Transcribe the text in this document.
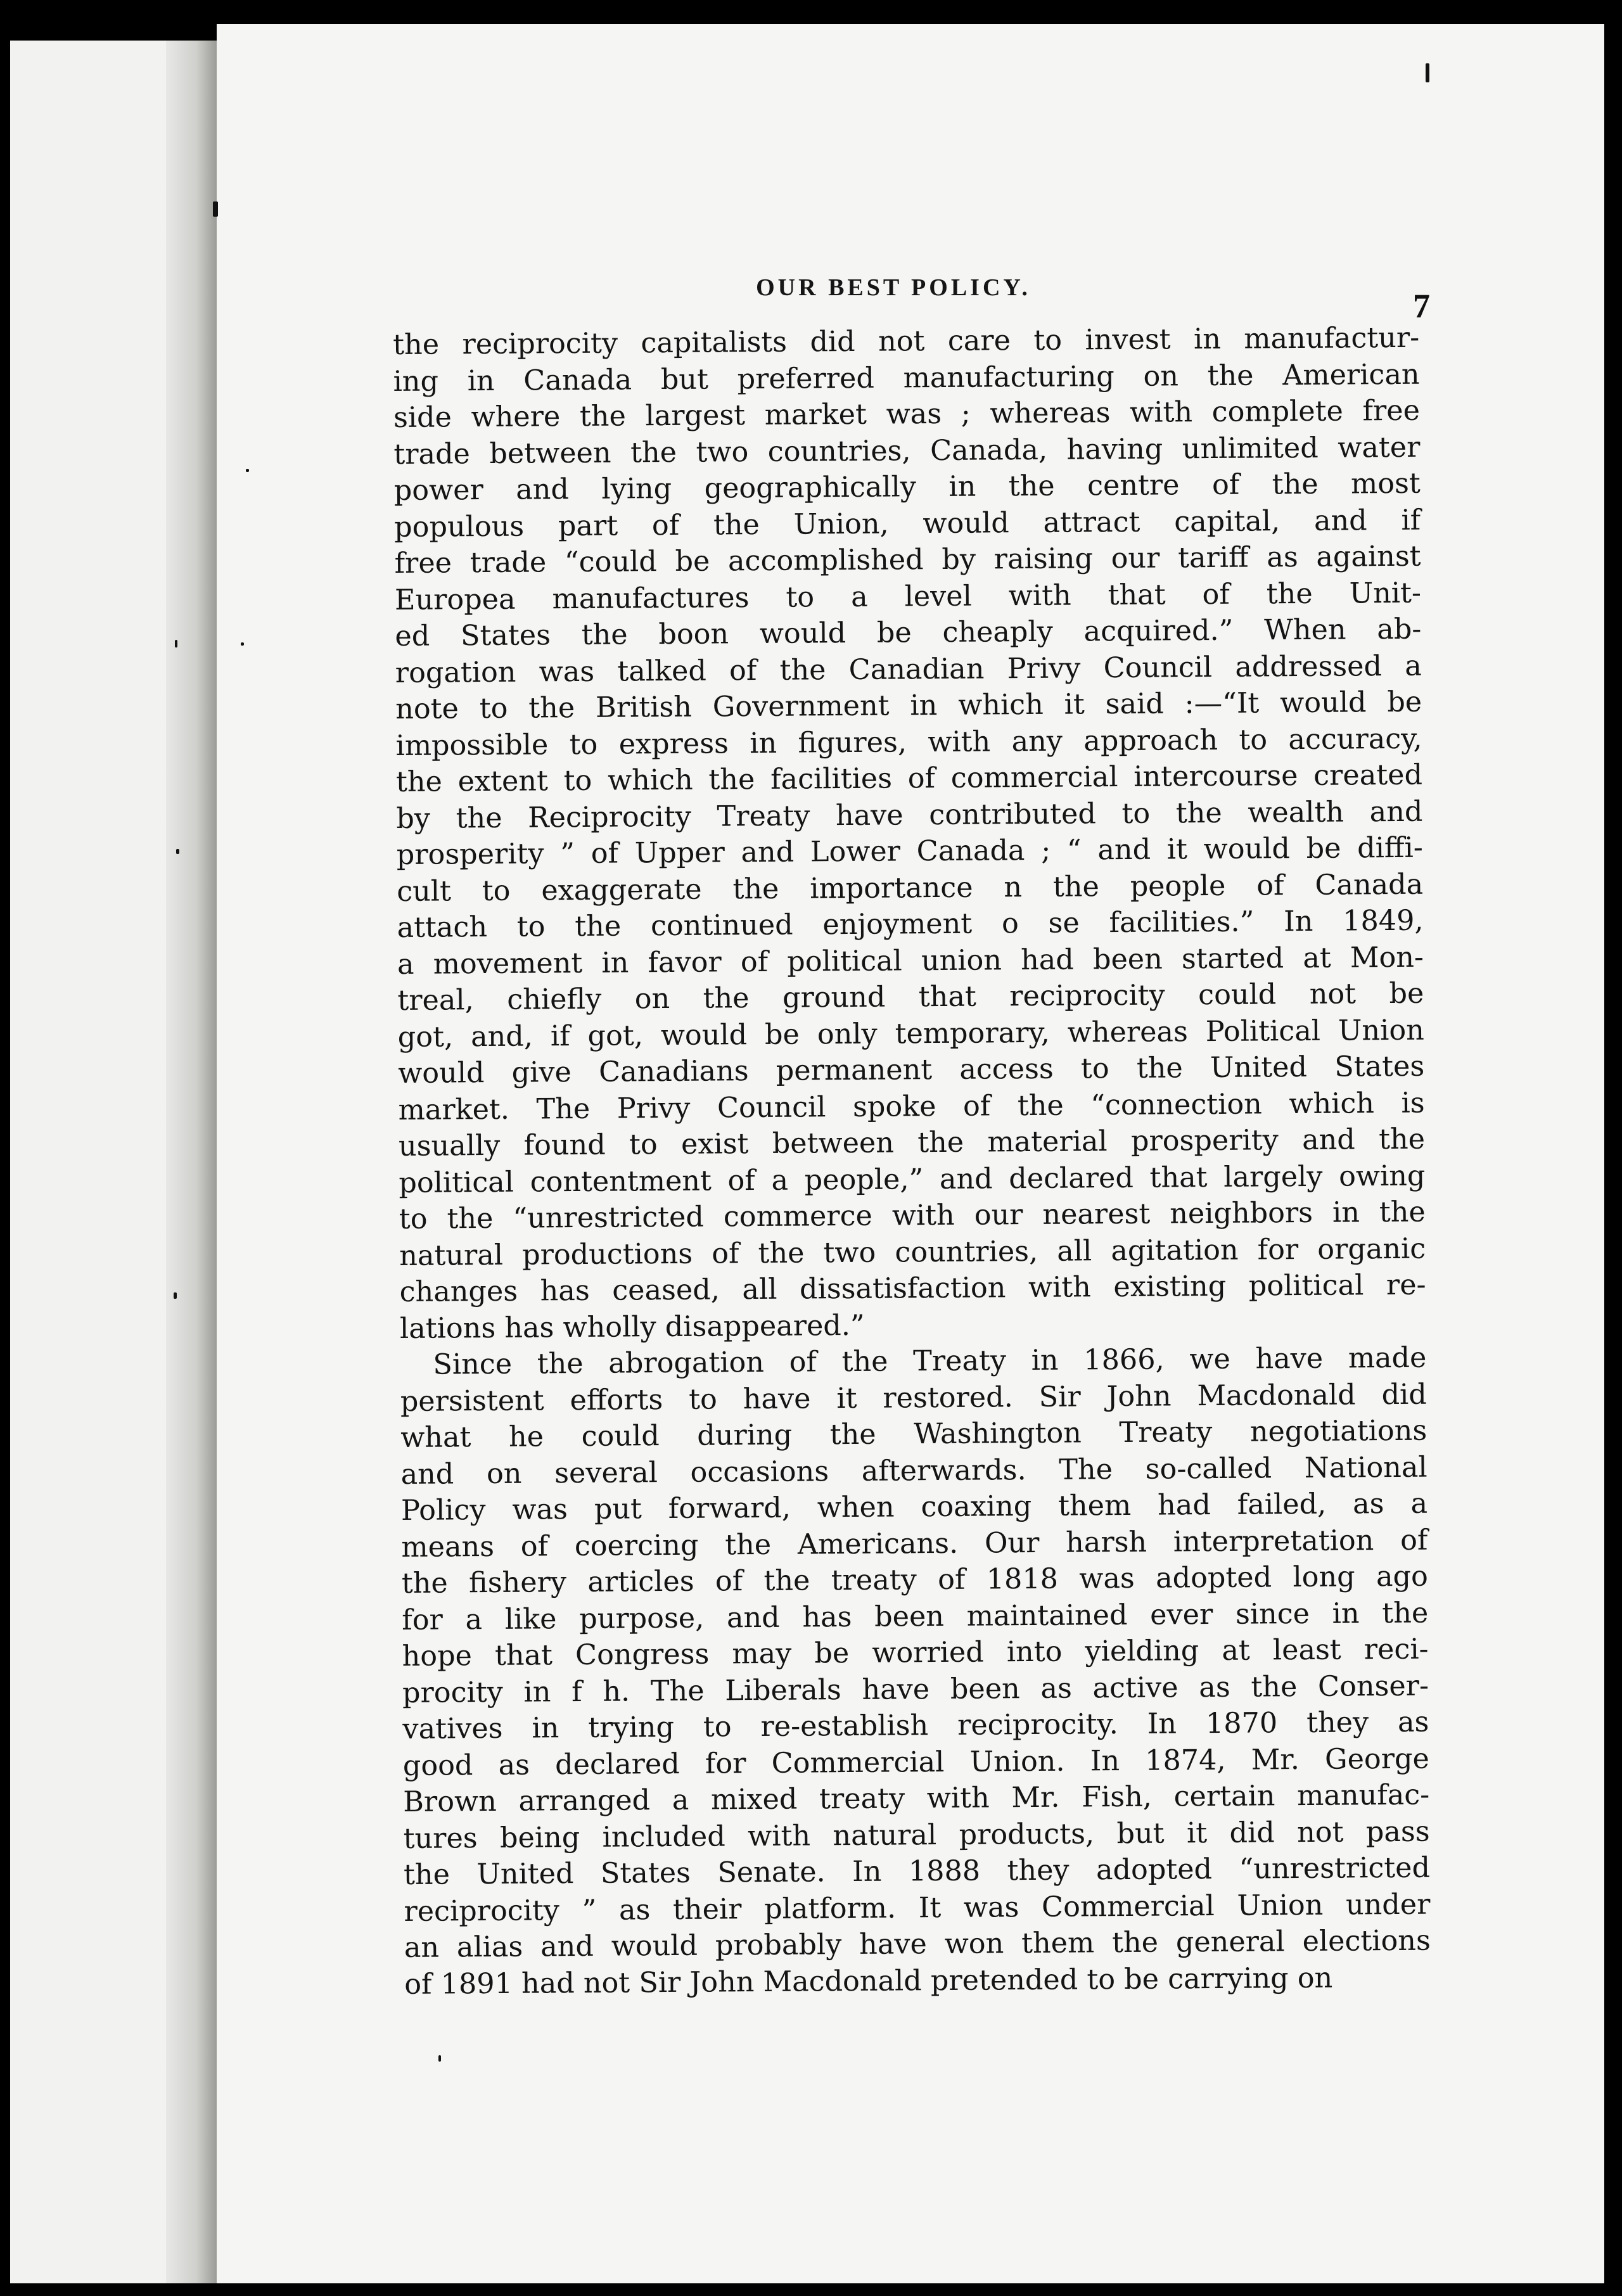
OUR BEST POLICY.	7
the reciprocity capitalists did not care to invest in manufactur-
ing in Canada but preferred manufacturing on the American
side where the largest market was ; whereas with complete free
trade between the two countries, Canada, having unlimited water
power and lying geographically in the centre of the most
populous part of the Union, would attract capital, and if
free trade “could be accomplished by raising our tariff as against
Europea manufactures to a level with that of the Unit-
ed States the boon would be cheaply acquired.” When ab-
rogation was talked of the Canadian Privy Council addressed a
note to the British Government in which it said :—“It would be
impossible to express in figures, with any approach to accuracy,
the extent to which the facilities of commercial intercourse created
by the Reciprocity Treaty have contributed to the wealth and
prosperity ” of Upper and Lower Canada ; “ and it would be diffi-
cult to exaggerate the importance n the people of Canada
attach to the continued enjoyment o se facilities.” In 1849,
a movement in favor of political union had been started at Mon-
treal, chiefly on the ground that reciprocity could not be
got, and, if got, would be only temporary, whereas Political Union
would give Canadians permanent access to the United States
market. The Privy Council spoke of the “connection which is
usually found to exist between the material prosperity and the
political contentment of a people,” and declared that largely owing
to the “unrestricted commerce with our nearest neighbors in the
natural productions of the two countries, all agitation for organic
changes has ceased, all dissatisfaction with existing political re-
lations has wholly disappeared.”
Since the abrogation of the Treaty in 1866, we have made
persistent efforts to have it restored. Sir John Macdonald did
what he could during the Washington Treaty negotiations
and on several occasions afterwards. The so-called National
Policy was put forward, when coaxing them had failed, as a
means of coercing the Americans. Our harsh interpretation of
the fishery articles of the treaty of 1818 was adopted long ago
for a like purpose, and has been maintained ever since in the
hope that Congress may be worried into yielding at least reci-
procity in f h. The Liberals have been as active as the Conser-
vatives in trying to re-establish reciprocity. In 1870 they as
good as declared for Commercial Union. In 1874, Mr. George
Brown arranged a mixed treaty with Mr. Fish, certain manufac-
tures being included with natural products, but it did not pass
the United States Senate. In 1888 they adopted “unrestricted
reciprocity ” as their platform. It was Commercial Union under
an alias and would probably have won them the general elections
of 1891 had not Sir John Macdonald pretended to be carrying on
